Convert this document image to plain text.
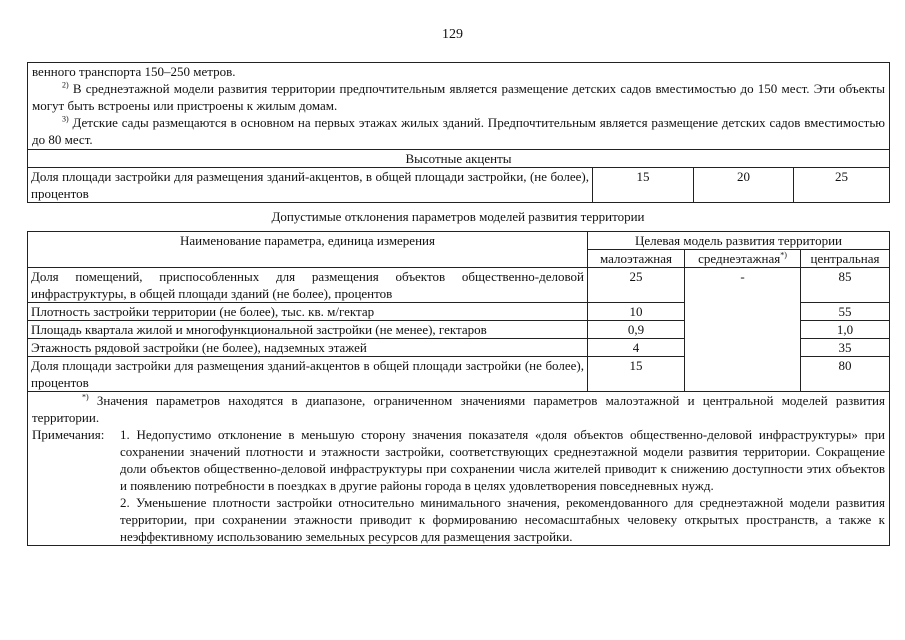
129

венного транспорта 150–250 метров.

$^{2)}$ В среднеэтажной модели развития территории предпочтительным является размещение детских садов вместимостью до 150 мест. Эти объекты могут быть встроены или пристроены к жилым домам.

$^{3)}$ Детские сады размещаются в основном на первых этажах жилых зданий. Предпочтительным является размещение детских садов вместимостью до 80 мест.

Высотные акценты
Доля площади застройки для размещения зданий-акцентов, в общей площади застройки, (не более), процентов	15	20	25
Допустимые отклонения параметров моделей развития территории
Наименование параметра, единица измерения	Целевая модель развития территории		
	малоэтажная	среднеэтажная*)	центральная
Доля помещений, приспособленных для размещения объектов общественно-деловой инфраструктуры, в общей площади зданий (не более), процентов	25	-	85
Плотность застройки территории (не более), тыс. кв. м/гектар	10		55
Площадь квартала жилой и многофункциональной застройки (не менее), гектаров	0,9		1,0
Этажность рядовой застройки (не более), надземных этажей	4		35
Доля площади застройки для размещения зданий-акцентов в общей площади застройки (не более), процентов	15		80

*) Значения параметров находятся в диапазоне, ограниченном значениями параметров малоэтажной и центральной моделей развития территории.

Примечания: 1. Недопустимо отклонение в меньшую сторону значения показателя «доля объектов общественно-деловой инфраструктуры» при сохранении значений плотности и этажности застройки, соответствующих среднеэтажной модели развития территории. Сокращение доли объектов общественно-деловой инфраструктуры при сохранении числа жителей приводит к снижению доступности этих объектов и появлению потребности в поездках в другие районы города в целях удовлетворения повседневных нужд.

2. Уменьшение плотности застройки относительно минимального значения, рекомендованного для среднеэтажной модели развития территории, при сохранении этажности приводит к формированию несомасштабных человеку открытых пространств, а также к неэффективному использованию земельных ресурсов для размещения застройки.			
